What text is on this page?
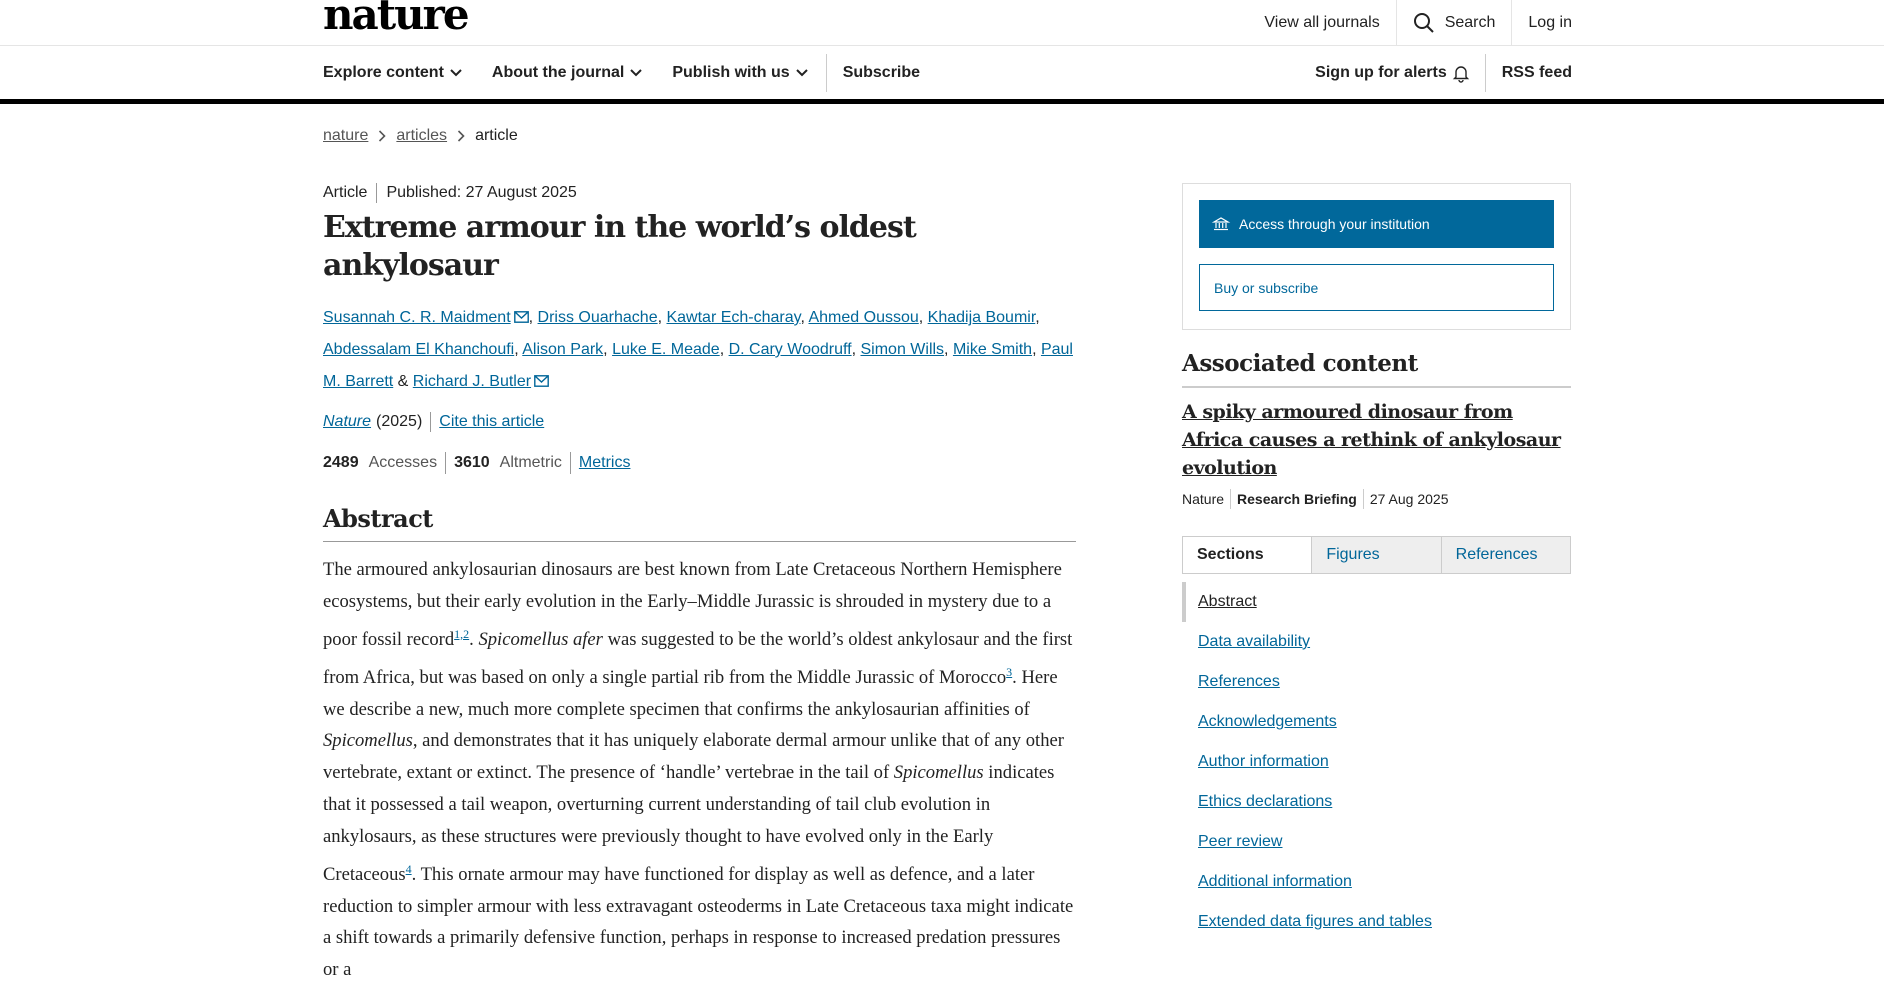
nature	View all journals	Search	Log in
Explore content	About the journal	Publish with us	Subscribe	Sign up for alerts	RSS feed
nature articles article
Article Published: 27 August 2025
Extreme armour in the world’s oldest ankylosaur
Susannah C. R. Maidment , Driss Ouarhache, Kawtar Ech-charay, Ahmed Oussou, Khadija Boumir,
Abdessalam El Khanchoufi, Alison Park, Luke E. Meade, D. Cary Woodruff, Simon Wills, Mike Smith, Paul M. Barrett & Richard J. Butler
Nature (2025) Cite this article
2489 Accesses 3610 Altmetric Metrics
Abstract

The armoured ankylosaurian dinosaurs are best known from Late Cretaceous Northern Hemisphere ecosystems, but their early evolution in the Early–Middle Jurassic is shrouded in mystery due to a poor fossil record$^{1,2}$. Spicomellus afer was suggested to be the world’s oldest ankylosaur and the first from Africa, but was based on only a single partial rib from the Middle Jurassic of Morocco$^3$. Here we describe a new, much more complete specimen that confirms the ankylosaurian affinities of Spicomellus, and demonstrates that it has uniquely elaborate dermal armour unlike that of any other vertebrate, extant or extinct. The presence of ‘handle’ vertebrae in the tail of Spicomellus indicates that it possessed a tail weapon, overturning current understanding of tail club evolution in ankylosaurs, as these structures were previously thought to have evolved only in the Early Cretaceous$^4$. This ornate armour may have functioned for display as well as defence, and a later reduction to simpler armour with less extravagant osteoderms in Late Cretaceous taxa might indicate a shift towards a primarily defensive function, perhaps in response to increased predation pressures or a

Access through your institution
Buy or subscribe
Associated content
A spiky armoured dinosaur from Africa causes a rethink of ankylosaur evolution
Nature Research Briefing 27 Aug 2025
Sections	Figures	References
Abstract
Data availability
References
Acknowledgements
Author information
Ethics declarations
Peer review
Additional information
Extended data figures and tables
